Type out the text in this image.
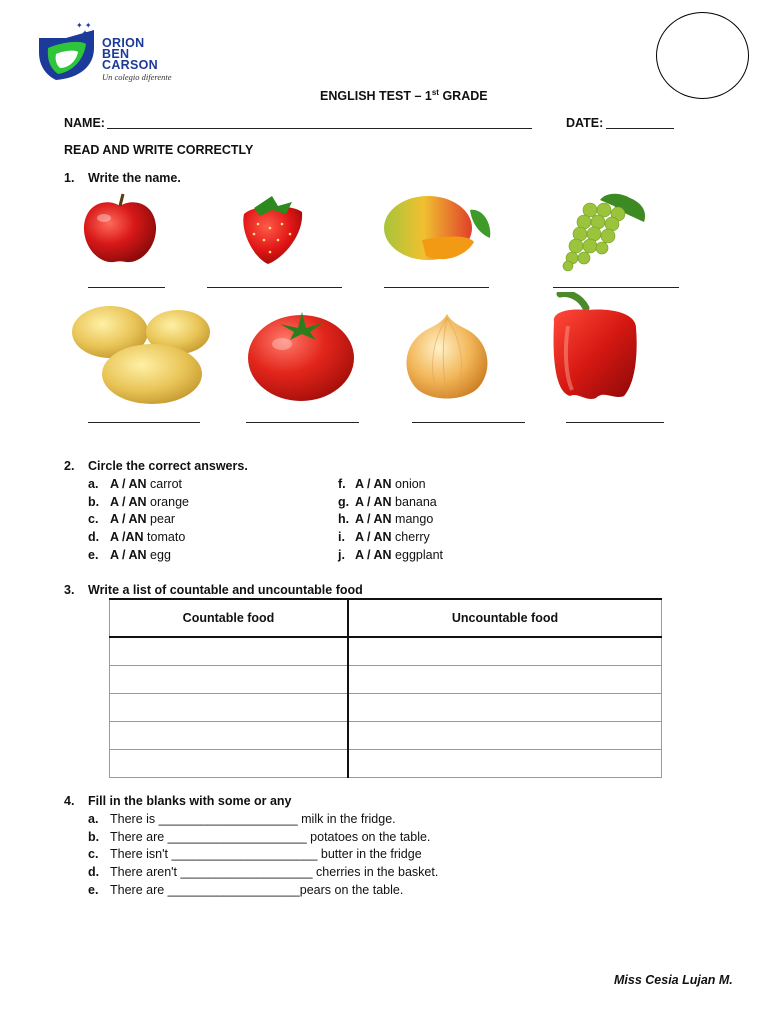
✦ ✦
✦
ORION
BEN
CARSON
Un colegio diferente
ENGLISH TEST – 1st GRADE
NAME:	DATE:
READ AND WRITE CORRECTLY
1. Write the name.
2. Circle the correct answers.
a. A / AN carrot
b. A / AN orange
c. A / AN pear
d. A /AN tomato
e. A / AN egg
f. A / AN onion
g. A / AN banana
h. A / AN mango
i. A / AN cherry
j. A / AN eggplant
3. Write a list of countable and uncountable food
Countable food	Uncountable food

4. Fill in the blanks with some or any
a. There is ____________________ milk in the fridge.
b. There are ____________________ potatoes on the table.
c. There isn't _____________________ butter in the fridge
d. There aren't ___________________ cherries in the basket.
e. There are ___________________pears on the table.
Miss Cesia Lujan M.
